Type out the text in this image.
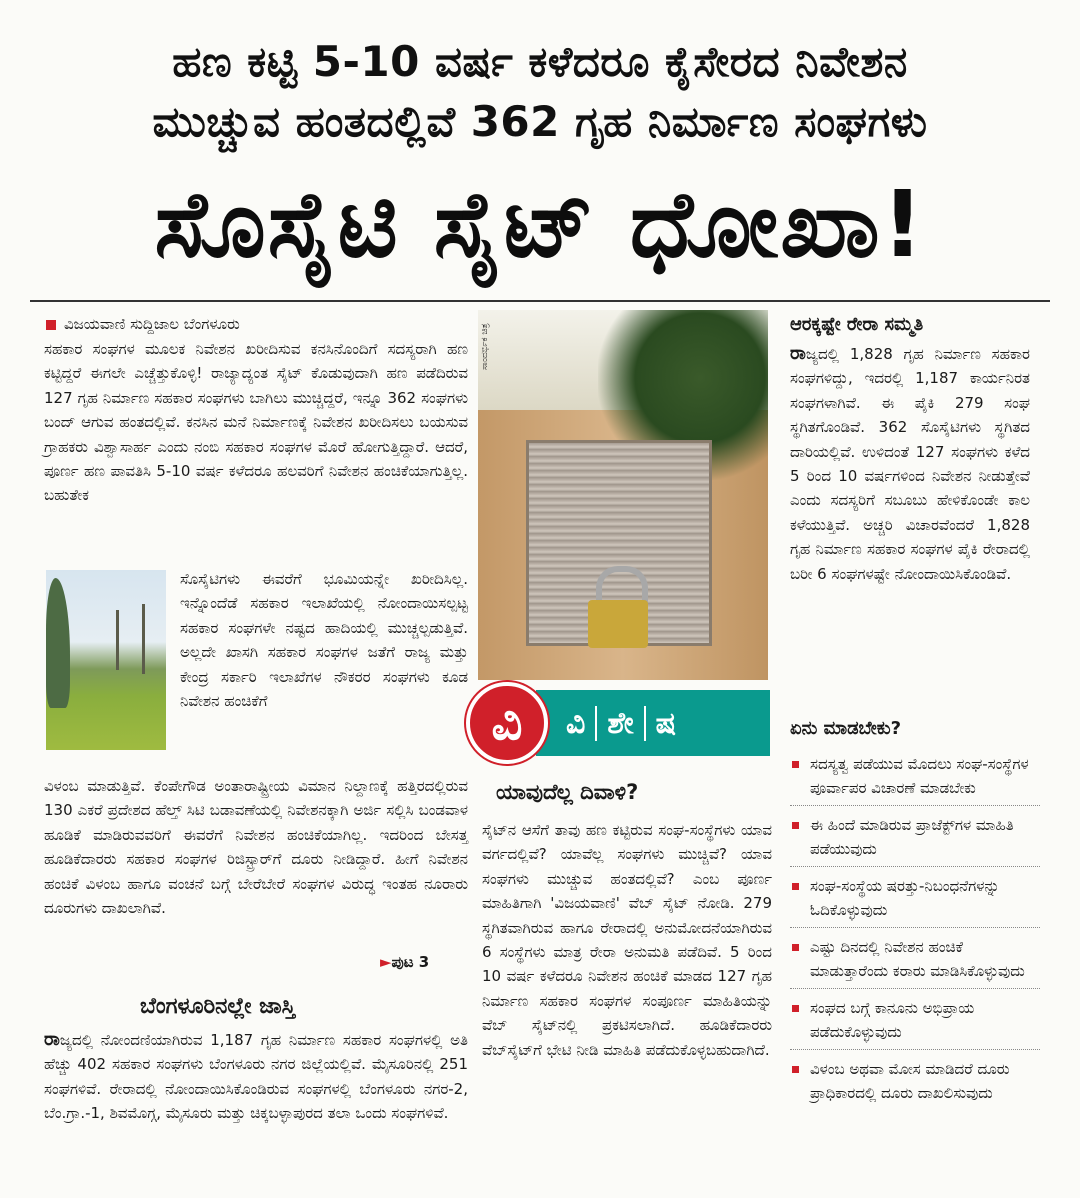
ಹಣ ಕಟ್ಟಿ 5-10 ವರ್ಷ ಕಳೆದರೂ ಕೈಸೇರದ ನಿವೇಶನ
ಮುಚ್ಚುವ ಹಂತದಲ್ಲಿವೆ 362 ಗೃಹ ನಿರ್ಮಾಣ ಸಂಘಗಳು
ಸೊಸೈಟಿ ಸೈಟ್ ಧೋಖಾ!
ವಿಜಯವಾಣಿ ಸುದ್ದಿಜಾಲ ಬೆಂಗಳೂರು
ಸಹಕಾರ ಸಂಘಗಳ ಮೂಲಕ ನಿವೇಶನ ಖರೀದಿಸುವ ಕನಸಿನೊಂದಿಗೆ ಸದಸ್ಯರಾಗಿ ಹಣ ಕಟ್ಟಿದ್ದರೆ ಈಗಲೇ ಎಚ್ಚೆತ್ತುಕೊಳ್ಳಿ! ರಾಜ್ಯಾದ್ಯಂತ ಸೈಟ್ ಕೊಡುವುದಾಗಿ ಹಣ ಪಡೆದಿರುವ 127 ಗೃಹ ನಿರ್ಮಾಣ ಸಹಕಾರ ಸಂಘಗಳು ಬಾಗಿಲು ಮುಚ್ಚಿದ್ದರೆ, ಇನ್ನೂ 362 ಸಂಘಗಳು ಬಂದ್ ಆಗುವ ಹಂತದಲ್ಲಿವೆ. ಕನಸಿನ ಮನೆ ನಿರ್ಮಾಣಕ್ಕೆ ನಿವೇಶನ ಖರೀದಿಸಲು ಬಯಸುವ ಗ್ರಾಹಕರು ವಿಶ್ವಾಸಾರ್ಹ ಎಂದು ನಂಬಿ ಸಹಕಾರ ಸಂಘಗಳ ಮೊರೆ ಹೋಗುತ್ತಿದ್ದಾರೆ. ಆದರೆ, ಪೂರ್ಣ ಹಣ ಪಾವತಿಸಿ 5-10 ವರ್ಷ ಕಳೆದರೂ ಹಲವರಿಗೆ ನಿವೇಶನ ಹಂಚಿಕೆಯಾಗುತ್ತಿಲ್ಲ. ಬಹುತೇಕ
ಸೊಸೈಟಿಗಳು ಈವರೆಗೆ ಭೂಮಿಯನ್ನೇ ಖರೀದಿಸಿಲ್ಲ. ಇನ್ನೊಂದೆಡೆ ಸಹಕಾರ ಇಲಾಖೆಯಲ್ಲಿ ನೋಂದಾಯಿಸಲ್ಪಟ್ಟ ಸಹಕಾರ ಸಂಘಗಳೇ ನಷ್ಟದ ಹಾದಿಯಲ್ಲಿ ಮುಚ್ಚಲ್ಪಡುತ್ತಿವೆ. ಅಲ್ಲದೇ ಖಾಸಗಿ ಸಹಕಾರ ಸಂಘಗಳ ಜತೆಗೆ ರಾಜ್ಯ ಮತ್ತು ಕೇಂದ್ರ ಸರ್ಕಾರಿ ಇಲಾಖೆಗಳ ನೌಕರರ ಸಂಘಗಳು ಕೂಡ ನಿವೇಶನ ಹಂಚಿಕೆಗೆ
ವಿಳಂಬ ಮಾಡುತ್ತಿವೆ. ಕೆಂಪೇಗೌಡ ಅಂತಾರಾಷ್ಟ್ರೀಯ ವಿಮಾನ ನಿಲ್ದಾಣಕ್ಕೆ ಹತ್ತಿರದಲ್ಲಿರುವ 130 ಎಕರೆ ಪ್ರದೇಶದ ಹೆಲ್ತ್ ಸಿಟಿ ಬಡಾವಣೆಯಲ್ಲಿ ನಿವೇಶನಕ್ಕಾಗಿ ಅರ್ಜಿ ಸಲ್ಲಿಸಿ ಬಂಡವಾಳ ಹೂಡಿಕೆ ಮಾಡಿರುವವರಿಗೆ ಈವರೆಗೆ ನಿವೇಶನ ಹಂಚಿಕೆಯಾಗಿಲ್ಲ. ಇದರಿಂದ ಬೇಸತ್ತ ಹೂಡಿಕೆದಾರರು ಸಹಕಾರ ಸಂಘಗಳ ರಿಜಿಸ್ಟ್ರಾರ್‌ಗೆ ದೂರು ನೀಡಿದ್ದಾರೆ. ಹೀಗೆ ನಿವೇಶನ ಹಂಚಿಕೆ ವಿಳಂಬ ಹಾಗೂ ವಂಚನೆ ಬಗ್ಗೆ ಬೇರೆಬೇರೆ ಸಂಘಗಳ ವಿರುದ್ಧ ಇಂತಹ ನೂರಾರು ದೂರುಗಳು ದಾಖಲಾಗಿವೆ.
►ಪುಟ 3
ಬೆಂಗಳೂರಿನಲ್ಲೇ ಜಾಸ್ತಿ
ರಾಜ್ಯದಲ್ಲಿ ನೋಂದಣಿಯಾಗಿರುವ 1,187 ಗೃಹ ನಿರ್ಮಾಣ ಸಹಕಾರ ಸಂಘಗಳಲ್ಲಿ ಅತಿ ಹೆಚ್ಚು 402 ಸಹಕಾರ ಸಂಘಗಳು ಬೆಂಗಳೂರು ನಗರ ಜಿಲ್ಲೆಯಲ್ಲಿವೆ. ಮೈಸೂರಿನಲ್ಲಿ 251 ಸಂಘಗಳಿವೆ. ರೇರಾದಲ್ಲಿ ನೋಂದಾಯಿಸಿಕೊಂಡಿರುವ ಸಂಘಗಳಲ್ಲಿ ಬೆಂಗಳೂರು ನಗರ-2, ಬೆಂ.ಗ್ರಾ.-1, ಶಿವಮೊಗ್ಗ, ಮೈಸೂರು ಮತ್ತು ಚಿಕ್ಕಬಳ್ಳಾಪುರದ ತಲಾ ಒಂದು ಸಂಘಗಳಿವೆ.
ಸಾಂದರ್ಭಿಕ ಚಿತ್ರ
ವಿ ಶೇ ಷ
ವಿ
ಯಾವುದೆಲ್ಲ ದಿವಾಳಿ?
ಸೈಟ್‌ನ ಆಸೆಗೆ ತಾವು ಹಣ ಕಟ್ಟಿರುವ ಸಂಘ-ಸಂಸ್ಥೆಗಳು ಯಾವ ವರ್ಗದಲ್ಲಿವೆ? ಯಾವೆಲ್ಲ ಸಂಘಗಳು ಮುಚ್ಚಿವೆ? ಯಾವ ಸಂಘಗಳು ಮುಚ್ಚುವ ಹಂತದಲ್ಲಿವೆ? ಎಂಬ ಪೂರ್ಣ ಮಾಹಿತಿಗಾಗಿ 'ವಿಜಯವಾಣಿ' ವೆಬ್ ಸೈಟ್ ನೋಡಿ. 279 ಸ್ಥಗಿತವಾಗಿರುವ ಹಾಗೂ ರೇರಾದಲ್ಲಿ ಅನುಮೋದನೆಯಾಗಿರುವ 6 ಸಂಸ್ಥೆಗಳು ಮಾತ್ರ ರೇರಾ ಅನುಮತಿ ಪಡೆದಿವೆ. 5 ರಿಂದ 10 ವರ್ಷ ಕಳೆದರೂ ನಿವೇಶನ ಹಂಚಿಕೆ ಮಾಡದ 127 ಗೃಹ ನಿರ್ಮಾಣ ಸಹಕಾರ ಸಂಘಗಳ ಸಂಪೂರ್ಣ ಮಾಹಿತಿಯನ್ನು ವೆಬ್ ಸೈಟ್‌ನಲ್ಲಿ ಪ್ರಕಟಿಸಲಾಗಿದೆ. ಹೂಡಿಕೆದಾರರು ವೆಬ್‌ಸೈಟ್‌ಗೆ ಭೇಟಿ ನೀಡಿ ಮಾಹಿತಿ ಪಡೆದುಕೊಳ್ಳಬಹುದಾಗಿದೆ.
ಆರಕ್ಕಷ್ಟೇ ರೇರಾ ಸಮ್ಮತಿ
ರಾಜ್ಯದಲ್ಲಿ 1,828 ಗೃಹ ನಿರ್ಮಾಣ ಸಹಕಾರ ಸಂಘಗಳಿದ್ದು, ಇದರಲ್ಲಿ 1,187 ಕಾರ್ಯನಿರತ ಸಂಘಗಳಾಗಿವೆ. ಈ ಪೈಕಿ 279 ಸಂಘ ಸ್ಥಗಿತಗೊಂಡಿವೆ. 362 ಸೊಸೈಟಿಗಳು ಸ್ಥಗಿತದ ದಾರಿಯಲ್ಲಿವೆ. ಉಳಿದಂತೆ 127 ಸಂಘಗಳು ಕಳೆದ 5 ರಿಂದ 10 ವರ್ಷಗಳಿಂದ ನಿವೇಶನ ನೀಡುತ್ತೇವೆ ಎಂದು ಸದಸ್ಯರಿಗೆ ಸಬೂಬು ಹೇಳಿಕೊಂಡೇ ಕಾಲ ಕಳೆಯುತ್ತಿವೆ. ಅಚ್ಚರಿ ವಿಚಾರವೆಂದರೆ 1,828 ಗೃಹ ನಿರ್ಮಾಣ ಸಹಕಾರ ಸಂಘಗಳ ಪೈಕಿ ರೇರಾದಲ್ಲಿ ಬರೀ 6 ಸಂಘಗಳಷ್ಟೇ ನೋಂದಾಯಿಸಿಕೊಂಡಿವೆ.
ಏನು ಮಾಡಬೇಕು?
ಸದಸ್ಯತ್ವ ಪಡೆಯುವ ಮೊದಲು ಸಂಘ-ಸಂಸ್ಥೆಗಳ ಪೂರ್ವಾಪರ ವಿಚಾರಣೆ ಮಾಡಬೇಕು
ಈ ಹಿಂದೆ ಮಾಡಿರುವ ಪ್ರಾಜೆಕ್ಟ್‌ಗಳ ಮಾಹಿತಿ ಪಡೆಯುವುದು
ಸಂಘ-ಸಂಸ್ಥೆಯ ಷರತ್ತು-ನಿಬಂಧನೆಗಳನ್ನು ಓದಿಕೊಳ್ಳುವುದು
ಎಷ್ಟು ದಿನದಲ್ಲಿ ನಿವೇಶನ ಹಂಚಿಕೆ ಮಾಡುತ್ತಾರೆಂದು ಕರಾರು ಮಾಡಿಸಿಕೊಳ್ಳುವುದು
ಸಂಘದ ಬಗ್ಗೆ ಕಾನೂನು ಅಭಿಪ್ರಾಯ ಪಡೆದುಕೊಳ್ಳುವುದು
ವಿಳಂಬ ಅಥವಾ ಮೋಸ ಮಾಡಿದರೆ ದೂರು ಪ್ರಾಧಿಕಾರದಲ್ಲಿ ದೂರು ದಾಖಲಿಸುವುದು
